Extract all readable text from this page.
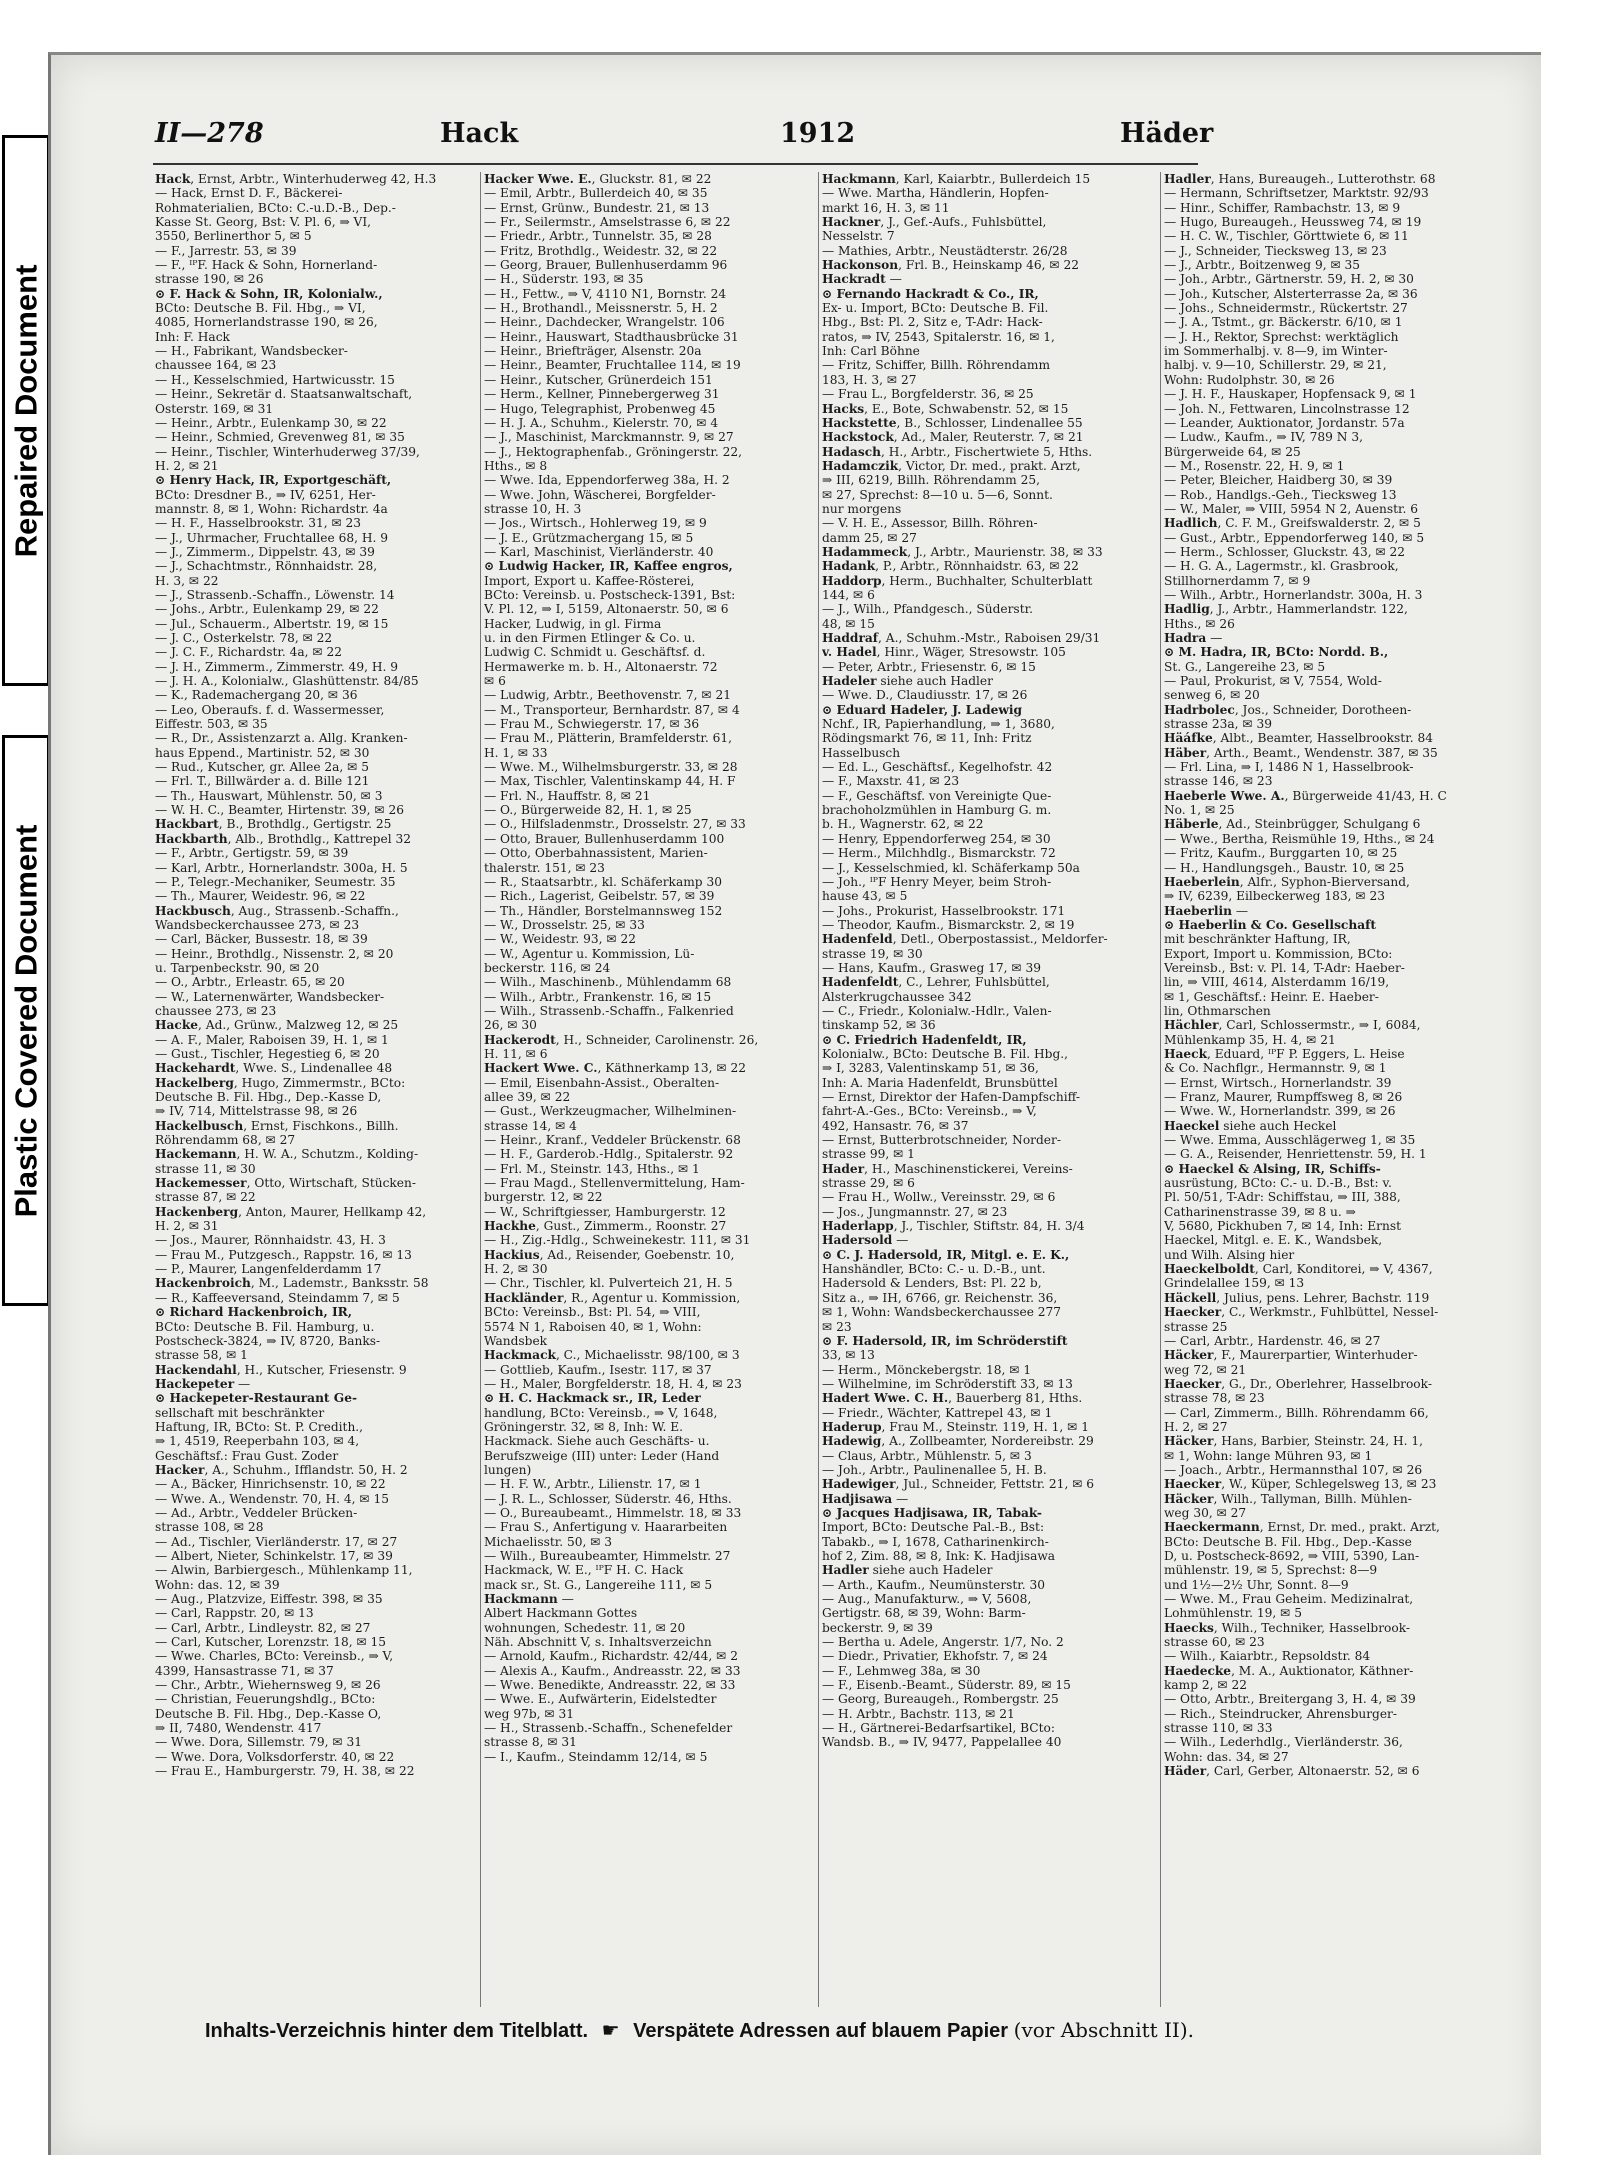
Repaired Document
Plastic Covered Document
II—278	Hack	1912	Häder
Hack, Ernst, Arbtr., Winterhuderweg 42, H.3
— Hack, Ernst D. F., Bäckerei-
Rohmaterialien, BCto: C.-u.D.-B., Dep.-
Kasse St. Georg, Bst: V. Pl. 6, ⇒ VI,
3550, Berlinerthor 5, ✉ 5
— F., Jarrestr. 53, ✉ 39
— F., ᴵᴾF. Hack & Sohn, Hornerland-
strasse 190, ✉ 26
⊙ F. Hack & Sohn, IR, Kolonialw.,
BCto: Deutsche B. Fil. Hbg., ⇒ VI,
4085, Hornerlandstrasse 190, ✉ 26,
Inh: F. Hack
— H., Fabrikant, Wandsbecker-
chaussee 164, ✉ 23
— H., Kesselschmied, Hartwicusstr. 15
— Heinr., Sekretär d. Staatsanwaltschaft,
Osterstr. 169, ✉ 31
— Heinr., Arbtr., Eulenkamp 30, ✉ 22
— Heinr., Schmied, Grevenweg 81, ✉ 35
— Heinr., Tischler, Winterhuderweg 37/39,
H. 2, ✉ 21
⊙ Henry Hack, IR, Exportgeschäft,
BCto: Dresdner B., ⇒ IV, 6251, Her-
mannstr. 8, ✉ 1, Wohn: Richardstr. 4a
— H. F., Hasselbrookstr. 31, ✉ 23
— J., Uhrmacher, Fruchtallee 68, H. 9
— J., Zimmerm., Dippelstr. 43, ✉ 39
— J., Schachtmstr., Rönnhaidstr. 28,
H. 3, ✉ 22
— J., Strassenb.-Schaffn., Löwenstr. 14
— Johs., Arbtr., Eulenkamp 29, ✉ 22
— Jul., Schauerm., Albertstr. 19, ✉ 15
— J. C., Osterkelstr. 78, ✉ 22
— J. C. F., Richardstr. 4a, ✉ 22
— J. H., Zimmerm., Zimmerstr. 49, H. 9
— J. H. A., Kolonialw., Glashüttenstr. 84/85
— K., Rademachergang 20, ✉ 36
— Leo, Oberaufs. f. d. Wassermesser,
Eiffestr. 503, ✉ 35
— R., Dr., Assistenzarzt a. Allg. Kranken-
haus Eppend., Martinistr. 52, ✉ 30
— Rud., Kutscher, gr. Allee 2a, ✉ 5
— Frl. T., Billwärder a. d. Bille 121
— Th., Hauswart, Mühlenstr. 50, ✉ 3
— W. H. C., Beamter, Hirtenstr. 39, ✉ 26
Hackbart, B., Brothdlg., Gertigstr. 25
Hackbarth, Alb., Brothdlg., Kattrepel 32
— F., Arbtr., Gertigstr. 59, ✉ 39
— Karl, Arbtr., Hornerlandstr. 300a, H. 5
— P., Telegr.-Mechaniker, Seumestr. 35
— Th., Maurer, Weidestr. 96, ✉ 22
Hackbusch, Aug., Strassenb.-Schaffn.,
Wandsbeckerchaussee 273, ✉ 23
— Carl, Bäcker, Bussestr. 18, ✉ 39
— Heinr., Brothdlg., Nissenstr. 2, ✉ 20
u. Tarpenbeckstr. 90, ✉ 20
— O., Arbtr., Erleastr. 65, ✉ 20
— W., Laternenwärter, Wandsbecker-
chaussee 273, ✉ 23
Hacke, Ad., Grünw., Malzweg 12, ✉ 25
— A. F., Maler, Raboisen 39, H. 1, ✉ 1
— Gust., Tischler, Hegestieg 6, ✉ 20
Hackehardt, Wwe. S., Lindenallee 48
Hackelberg, Hugo, Zimmermstr., BCto:
Deutsche B. Fil. Hbg., Dep.-Kasse D,
⇒ IV, 714, Mittelstrasse 98, ✉ 26
Hackelbusch, Ernst, Fischkons., Billh.
Röhrendamm 68, ✉ 27
Hackemann, H. W. A., Schutzm., Kolding-
strasse 11, ✉ 30
Hackemesser, Otto, Wirtschaft, Stücken-
strasse 87, ✉ 22
Hackenberg, Anton, Maurer, Hellkamp 42,
H. 2, ✉ 31
— Jos., Maurer, Rönnhaidstr. 43, H. 3
— Frau M., Putzgesch., Rappstr. 16, ✉ 13
— P., Maurer, Langenfelderdamm 17
Hackenbroich, M., Lademstr., Banksstr. 58
— R., Kaffeeversand, Steindamm 7, ✉ 5
⊙ Richard Hackenbroich, IR,
BCto: Deutsche B. Fil. Hamburg, u.
Postscheck-3824, ⇒ IV, 8720, Banks-
strasse 58, ✉ 1
Hackendahl, H., Kutscher, Friesenstr. 9
Hackepeter —
⊙ Hackepeter-Restaurant Ge-
sellschaft mit beschränkter
Haftung, IR, BCto: St. P. Credith.,
⇒ 1, 4519, Reeperbahn 103, ✉ 4,
Geschäftsf.: Frau Gust. Zoder
Hacker, A., Schuhm., Ifflandstr. 50, H. 2
— A., Bäcker, Hinrichsenstr. 10, ✉ 22
— Wwe. A., Wendenstr. 70, H. 4, ✉ 15
— Ad., Arbtr., Veddeler Brücken-
strasse 108, ✉ 28
— Ad., Tischler, Vierländerstr. 17, ✉ 27
— Albert, Nieter, Schinkelstr. 17, ✉ 39
— Alwin, Barbiergesch., Mühlenkamp 11,
Wohn: das. 12, ✉ 39
— Aug., Platzvize, Eiffestr. 398, ✉ 35
— Carl, Rappstr. 20, ✉ 13
— Carl, Arbtr., Lindleystr. 82, ✉ 27
— Carl, Kutscher, Lorenzstr. 18, ✉ 15
— Wwe. Charles, BCto: Vereinsb., ⇒ V,
4399, Hansastrasse 71, ✉ 37
— Chr., Arbtr., Wiehernsweg 9, ✉ 26
— Christian, Feuerungshdlg., BCto:
Deutsche B. Fil. Hbg., Dep.-Kasse O,
⇒ II, 7480, Wendenstr. 417
— Wwe. Dora, Sillemstr. 79, ✉ 31
— Wwe. Dora, Volksdorferstr. 40, ✉ 22
— Frau E., Hamburgerstr. 79, H. 38, ✉ 22
Hacker Wwe. E., Gluckstr. 81, ✉ 22
— Emil, Arbtr., Bullerdeich 40, ✉ 35
— Ernst, Grünw., Bundestr. 21, ✉ 13
— Fr., Seilermstr., Amselstrasse 6, ✉ 22
— Friedr., Arbtr., Tunnelstr. 35, ✉ 28
— Fritz, Brothdlg., Weidestr. 32, ✉ 22
— Georg, Brauer, Bullenhuserdamm 96
— H., Süderstr. 193, ✉ 35
— H., Fettw., ⇒ V, 4110 N1, Bornstr. 24
— H., Brothandl., Meissnerstr. 5, H. 2
— Heinr., Dachdecker, Wrangelstr. 106
— Heinr., Hauswart, Stadthausbrücke 31
— Heinr., Briefträger, Alsenstr. 20a
— Heinr., Beamter, Fruchtallee 114, ✉ 19
— Heinr., Kutscher, Grünerdeich 151
— Herm., Kellner, Pinnebergerweg 31
— Hugo, Telegraphist, Probenweg 45
— H. J. A., Schuhm., Kielerstr. 70, ✉ 4
— J., Maschinist, Marckmannstr. 9, ✉ 27
— J., Hektographenfab., Gröningerstr. 22,
Hths., ✉ 8
— Wwe. Ida, Eppendorferweg 38a, H. 2
— Wwe. John, Wäscherei, Borgfelder-
strasse 10, H. 3
— Jos., Wirtsch., Hohlerweg 19, ✉ 9
— J. E., Grützmachergang 15, ✉ 5
— Karl, Maschinist, Vierländerstr. 40
⊙ Ludwig Hacker, IR, Kaffee engros,
Import, Export u. Kaffee-Rösterei,
BCto: Vereinsb. u. Postscheck-1391, Bst:
V. Pl. 12, ⇒ I, 5159, Altonaerstr. 50, ✉ 6
Hacker, Ludwig, in gl. Firma
u. in den Firmen Etlinger & Co. u.
Ludwig C. Schmidt u. Geschäftsf. d.
Hermawerke m. b. H., Altonaerstr. 72
✉ 6
— Ludwig, Arbtr., Beethovenstr. 7, ✉ 21
— M., Transporteur, Bernhardstr. 87, ✉ 4
— Frau M., Schwiegerstr. 17, ✉ 36
— Frau M., Plätterin, Bramfelderstr. 61,
H. 1, ✉ 33
— Wwe. M., Wilhelmsburgerstr. 33, ✉ 28
— Max, Tischler, Valentinskamp 44, H. F
— Frl. N., Hauffstr. 8, ✉ 21
— O., Bürgerweide 82, H. 1, ✉ 25
— O., Hilfsladenmstr., Drosselstr. 27, ✉ 33
— Otto, Brauer, Bullenhuserdamm 100
— Otto, Oberbahnassistent, Marien-
thalerstr. 151, ✉ 23
— R., Staatsarbtr., kl. Schäferkamp 30
— Rich., Lagerist, Geibelstr. 57, ✉ 39
— Th., Händler, Borstelmannsweg 152
— W., Drosselstr. 25, ✉ 33
— W., Weidestr. 93, ✉ 22
— W., Agentur u. Kommission, Lü-
beckerstr. 116, ✉ 24
— Wilh., Maschinenb., Mühlendamm 68
— Wilh., Arbtr., Frankenstr. 16, ✉ 15
— Wilh., Strassenb.-Schaffn., Falkenried
26, ✉ 30
Hackerodt, H., Schneider, Carolinenstr. 26,
H. 11, ✉ 6
Hackert Wwe. C., Käthnerkamp 13, ✉ 22
— Emil, Eisenbahn-Assist., Oberalten-
allee 39, ✉ 22
— Gust., Werkzeugmacher, Wilhelminen-
strasse 14, ✉ 4
— Heinr., Kranf., Veddeler Brückenstr. 68
— H. F., Garderob.-Hdlg., Spitalerstr. 92
— Frl. M., Steinstr. 143, Hths., ✉ 1
— Frau Magd., Stellenvermittelung, Ham-
burgerstr. 12, ✉ 22
— W., Schriftgiesser, Hamburgerstr. 12
Hackhe, Gust., Zimmerm., Roonstr. 27
— H., Zig.-Hdlg., Schweinekestr. 111, ✉ 31
Hackius, Ad., Reisender, Goebenstr. 10,
H. 2, ✉ 30
— Chr., Tischler, kl. Pulverteich 21, H. 5
Hackländer, R., Agentur u. Kommission,
BCto: Vereinsb., Bst: Pl. 54, ⇒ VIII,
5574 N 1, Raboisen 40, ✉ 1, Wohn:
Wandsbek
Hackmack, C., Michaelisstr. 98/100, ✉ 3
— Gottlieb, Kaufm., Isestr. 117, ✉ 37
— H., Maler, Borgfelderstr. 18, H. 4, ✉ 23
⊙ H. C. Hackmack sr., IR, Leder
handlung, BCto: Vereinsb., ⇒ V, 1648,
Gröningerstr. 32, ✉ 8, Inh: W. E.
Hackmack. Siehe auch Geschäfts- u.
Berufszweige (III) unter: Leder (Hand
lungen)
— H. F. W., Arbtr., Lilienstr. 17, ✉ 1
— J. R. L., Schlosser, Süderstr. 46, Hths.
— O., Bureaubeamt., Himmelstr. 18, ✉ 33
— Frau S., Anfertigung v. Haararbeiten
Michaelisstr. 50, ✉ 3
— Wilh., Bureaubeamter, Himmelstr. 27
Hackmack, W. E., ᴵᴾF H. C. Hack
mack sr., St. G., Langereihe 111, ✉ 5
Hackmann —
Albert Hackmann Gottes
wohnungen, Schedestr. 11, ✉ 20
Näh. Abschnitt V, s. Inhaltsverzeichn
— Arnold, Kaufm., Richardstr. 42/44, ✉ 2
— Alexis A., Kaufm., Andreasstr. 22, ✉ 33
— Wwe. Benedikte, Andreasstr. 22, ✉ 33
— Wwe. E., Aufwärterin, Eidelstedter
weg 97b, ✉ 31
— H., Strassenb.-Schaffn., Schenefelder
strasse 8, ✉ 31
— I., Kaufm., Steindamm 12/14, ✉ 5
Hackmann, Karl, Kaiarbtr., Bullerdeich 15
— Wwe. Martha, Händlerin, Hopfen-
markt 16, H. 3, ✉ 11
Hackner, J., Gef.-Aufs., Fuhlsbüttel,
Nesselstr. 7
— Mathies, Arbtr., Neustädterstr. 26/28
Hackonson, Frl. B., Heinskamp 46, ✉ 22
Hackradt —
⊙ Fernando Hackradt & Co., IR,
Ex- u. Import, BCto: Deutsche B. Fil.
Hbg., Bst: Pl. 2, Sitz e, T-Adr: Hack-
ratos, ⇒ IV, 2543, Spitalerstr. 16, ✉ 1,
Inh: Carl Böhne
— Fritz, Schiffer, Billh. Röhrendamm
183, H. 3, ✉ 27
— Frau L., Borgfelderstr. 36, ✉ 25
Hacks, E., Bote, Schwabenstr. 52, ✉ 15
Hackstette, B., Schlosser, Lindenallee 55
Hackstock, Ad., Maler, Reuterstr. 7, ✉ 21
Hadasch, H., Arbtr., Fischertwiete 5, Hths.
Hadamczik, Victor, Dr. med., prakt. Arzt,
⇒ III, 6219, Billh. Röhrendamm 25,
✉ 27, Sprechst: 8—10 u. 5—6, Sonnt.
nur morgens
— V. H. E., Assessor, Billh. Röhren-
damm 25, ✉ 27
Hadammeck, J., Arbtr., Maurienstr. 38, ✉ 33
Hadank, P., Arbtr., Rönnhaidstr. 63, ✉ 22
Haddorp, Herm., Buchhalter, Schulterblatt
144, ✉ 6
— J., Wilh., Pfandgesch., Süderstr.
48, ✉ 15
Haddraf, A., Schuhm.-Mstr., Raboisen 29/31
v. Hadel, Hinr., Wäger, Stresowstr. 105
— Peter, Arbtr., Friesenstr. 6, ✉ 15
Hadeler siehe auch Hadler
— Wwe. D., Claudiusstr. 17, ✉ 26
⊙ Eduard Hadeler, J. Ladewig
Nchf., IR, Papierhandlung, ⇒ 1, 3680,
Rödingsmarkt 76, ✉ 11, Inh: Fritz
Hasselbusch
— Ed. L., Geschäftsf., Kegelhofstr. 42
— F., Maxstr. 41, ✉ 23
— F., Geschäftsf. von Vereinigte Que-
brachoholzmühlen in Hamburg G. m.
b. H., Wagnerstr. 62, ✉ 22
— Henry, Eppendorferweg 254, ✉ 30
— Herm., Milchhdlg., Bismarckstr. 72
— J., Kesselschmied, kl. Schäferkamp 50a
— Joh., ᴵᴾF Henry Meyer, beim Stroh-
hause 43, ✉ 5
— Johs., Prokurist, Hasselbrookstr. 171
— Theodor, Kaufm., Bismarckstr. 2, ✉ 19
Hadenfeld, Detl., Oberpostassist., Meldorfer-
strasse 19, ✉ 30
— Hans, Kaufm., Grasweg 17, ✉ 39
Hadenfeldt, C., Lehrer, Fuhlsbüttel,
Alsterkrugchaussee 342
— C., Friedr., Kolonialw.-Hdlr., Valen-
tinskamp 52, ✉ 36
⊙ C. Friedrich Hadenfeldt, IR,
Kolonialw., BCto: Deutsche B. Fil. Hbg.,
⇒ I, 3283, Valentinskamp 51, ✉ 36,
Inh: A. Maria Hadenfeldt, Brunsbüttel
— Ernst, Direktor der Hafen-Dampfschiff-
fahrt-A.-Ges., BCto: Vereinsb., ⇒ V,
492, Hansastr. 76, ✉ 37
— Ernst, Butterbrotschneider, Norder-
strasse 99, ✉ 1
Hader, H., Maschinenstickerei, Vereins-
strasse 29, ✉ 6
— Frau H., Wollw., Vereinsstr. 29, ✉ 6
— Jos., Jungmannstr. 27, ✉ 23
Haderlapp, J., Tischler, Stiftstr. 84, H. 3/4
Hadersold —
⊙ C. J. Hadersold, IR, Mitgl. e. E. K.,
Hanshändler, BCto: C.- u. D.-B., unt.
Hadersold & Lenders, Bst: Pl. 22 b,
Sitz a., ⇒ IH, 6766, gr. Reichenstr. 36,
✉ 1, Wohn: Wandsbeckerchaussee 277
✉ 23
⊙ F. Hadersold, IR, im Schröderstift
33, ✉ 13
— Herm., Mönckebergstr. 18, ✉ 1
— Wilhelmine, im Schröderstift 33, ✉ 13
Hadert Wwe. C. H., Bauerberg 81, Hths.
— Friedr., Wächter, Kattrepel 43, ✉ 1
Haderup, Frau M., Steinstr. 119, H. 1, ✉ 1
Hadewig, A., Zollbeamter, Nordereibstr. 29
— Claus, Arbtr., Mühlenstr. 5, ✉ 3
— Joh., Arbtr., Paulinenallee 5, H. B.
Hadewiger, Jul., Schneider, Fettstr. 21, ✉ 6
Hadjisawa —
⊙ Jacques Hadjisawa, IR, Tabak-
Import, BCto: Deutsche Pal.-B., Bst:
Tabakb., ⇒ I, 1678, Catharinenkirch-
hof 2, Zim. 88, ✉ 8, Ink: K. Hadjisawa
Hadler siehe auch Hadeler
— Arth., Kaufm., Neumünsterstr. 30
— Aug., Manufakturw., ⇒ V, 5608,
Gertigstr. 68, ✉ 39, Wohn: Barm-
beckerstr. 9, ✉ 39
— Bertha u. Adele, Angerstr. 1/7, No. 2
— Diedr., Privatier, Ekhofstr. 7, ✉ 24
— F., Lehmweg 38a, ✉ 30
— F., Eisenb.-Beamt., Süderstr. 89, ✉ 15
— Georg, Bureaugeh., Rombergstr. 25
— H. Arbtr., Bachstr. 113, ✉ 21
— H., Gärtnerei-Bedarfsartikel, BCto:
Wandsb. B., ⇒ IV, 9477, Pappelallee 40
Hadler, Hans, Bureaugeh., Lutterothstr. 68
— Hermann, Schriftsetzer, Marktstr. 92/93
— Hinr., Schiffer, Rambachstr. 13, ✉ 9
— Hugo, Bureaugeh., Heussweg 74, ✉ 19
— H. C. W., Tischler, Görttwiete 6, ✉ 11
— J., Schneider, Tiecksweg 13, ✉ 23
— J., Arbtr., Boitzenweg 9, ✉ 35
— Joh., Arbtr., Gärtnerstr. 59, H. 2, ✉ 30
— Joh., Kutscher, Alsterterrasse 2a, ✉ 36
— Johs., Schneidermstr., Rückertstr. 27
— J. A., Tstmt., gr. Bäckerstr. 6/10, ✉ 1
— J. H., Rektor, Sprechst: werktäglich
im Sommerhalbj. v. 8—9, im Winter-
halbj. v. 9—10, Schillerstr. 29, ✉ 21,
Wohn: Rudolphstr. 30, ✉ 26
— J. H. F., Hauskaper, Hopfensack 9, ✉ 1
— Joh. N., Fettwaren, Lincolnstrasse 12
— Leander, Auktionator, Jordanstr. 57a
— Ludw., Kaufm., ⇒ IV, 789 N 3,
Bürgerweide 64, ✉ 25
— M., Rosenstr. 22, H. 9, ✉ 1
— Peter, Bleicher, Haidberg 30, ✉ 39
— Rob., Handlgs.-Geh., Tiecksweg 13
— W., Maler, ⇒ VIII, 5954 N 2, Auenstr. 6
Hadlich, C. F. M., Greifswalderstr. 2, ✉ 5
— Gust., Arbtr., Eppendorferweg 140, ✉ 5
— Herm., Schlosser, Gluckstr. 43, ✉ 22
— H. G. A., Lagermstr., kl. Grasbrook,
Stillhornerdamm 7, ✉ 9
— Wilh., Arbtr., Hornerlandstr. 300a, H. 3
Hadlig, J., Arbtr., Hammerlandstr. 122,
Hths., ✉ 26
Hadra —
⊙ M. Hadra, IR, BCto: Nordd. B.,
St. G., Langereihe 23, ✉ 5
— Paul, Prokurist, ✉ V, 7554, Wold-
senweg 6, ✉ 20
Hadrbolec, Jos., Schneider, Dorotheen-
strasse 23a, ✉ 39
Häáfke, Albt., Beamter, Hasselbrookstr. 84
Häber, Arth., Beamt., Wendenstr. 387, ✉ 35
— Frl. Lina, ⇒ I, 1486 N 1, Hasselbrook-
strasse 146, ✉ 23
Haeberle Wwe. A., Bürgerweide 41/43, H. C
No. 1, ✉ 25
Häberle, Ad., Steinbrügger, Schulgang 6
— Wwe., Bertha, Reismühle 19, Hths., ✉ 24
— Fritz, Kaufm., Burggarten 10, ✉ 25
— H., Handlungsgeh., Baustr. 10, ✉ 25
Haeberlein, Alfr., Syphon-Bierversand,
⇒ IV, 6239, Eilbeckerweg 183, ✉ 23
Haeberlin —
⊙ Haeberlin & Co. Gesellschaft
mit beschränkter Haftung, IR,
Export, Import u. Kommission, BCto:
Vereinsb., Bst: v. Pl. 14, T-Adr: Haeber-
lin, ⇒ VIII, 4614, Alsterdamm 16/19,
✉ 1, Geschäftsf.: Heinr. E. Haeber-
lin, Othmarschen
Hächler, Carl, Schlossermstr., ⇒ I, 6084,
Mühlenkamp 35, H. 4, ✉ 21
Haeck, Eduard, ᴵᴾF P. Eggers, L. Heise
& Co. Nachflgr., Hermannstr. 9, ✉ 1
— Ernst, Wirtsch., Hornerlandstr. 39
— Franz, Maurer, Rumpffsweg 8, ✉ 26
— Wwe. W., Hornerlandstr. 399, ✉ 26
Haeckel siehe auch Heckel
— Wwe. Emma, Ausschlägerweg 1, ✉ 35
— G. A., Reisender, Henriettenstr. 59, H. 1
⊙ Haeckel & Alsing, IR, Schiffs-
ausrüstung, BCto: C.- u. D.-B., Bst: v.
Pl. 50/51, T-Adr: Schiffstau, ⇒ III, 388,
Catharinenstrasse 39, ✉ 8 u. ⇒
V, 5680, Pickhuben 7, ✉ 14, Inh: Ernst
Haeckel, Mitgl. e. E. K., Wandsbek,
und Wilh. Alsing hier
Haeckelboldt, Carl, Konditorei, ⇒ V, 4367,
Grindelallee 159, ✉ 13
Häckell, Julius, pens. Lehrer, Bachstr. 119
Haecker, C., Werkmstr., Fuhlbüttel, Nessel-
strasse 25
— Carl, Arbtr., Hardenstr. 46, ✉ 27
Häcker, F., Maurerpartier, Winterhuder-
weg 72, ✉ 21
Haecker, G., Dr., Oberlehrer, Hasselbrook-
strasse 78, ✉ 23
— Carl, Zimmerm., Billh. Röhrendamm 66,
H. 2, ✉ 27
Häcker, Hans, Barbier, Steinstr. 24, H. 1,
✉ 1, Wohn: lange Mühren 93, ✉ 1
— Joach., Arbtr., Hermannsthal 107, ✉ 26
Haecker, W., Küper, Schlegelsweg 13, ✉ 23
Häcker, Wilh., Tallyman, Billh. Mühlen-
weg 30, ✉ 27
Haeckermann, Ernst, Dr. med., prakt. Arzt,
BCto: Deutsche B. Fil. Hbg., Dep.-Kasse
D, u. Postscheck-8692, ⇒ VIII, 5390, Lan-
mühlenstr. 19, ✉ 5, Sprechst: 8—9
und 1½—2½ Uhr, Sonnt. 8—9
— Wwe. M., Frau Geheim. Medizinalrat,
Lohmühlenstr. 19, ✉ 5
Haecks, Wilh., Techniker, Hasselbrook-
strasse 60, ✉ 23
— Wilh., Kaiarbtr., Repsoldstr. 84
Haedecke, M. A., Auktionator, Käthner-
kamp 2, ✉ 22
— Otto, Arbtr., Breitergang 3, H. 4, ✉ 39
— Rich., Steindrucker, Ahrensburger-
strasse 110, ✉ 33
— Wilh., Lederhdlg., Vierländerstr. 36,
Wohn: das. 34, ✉ 27
Häder, Carl, Gerber, Altonaerstr. 52, ✉ 6
Inhalts-Verzeichnis hinter dem Titelblatt. ☛ Verspätete Adressen auf blauem Papier (vor Abschnitt II).
